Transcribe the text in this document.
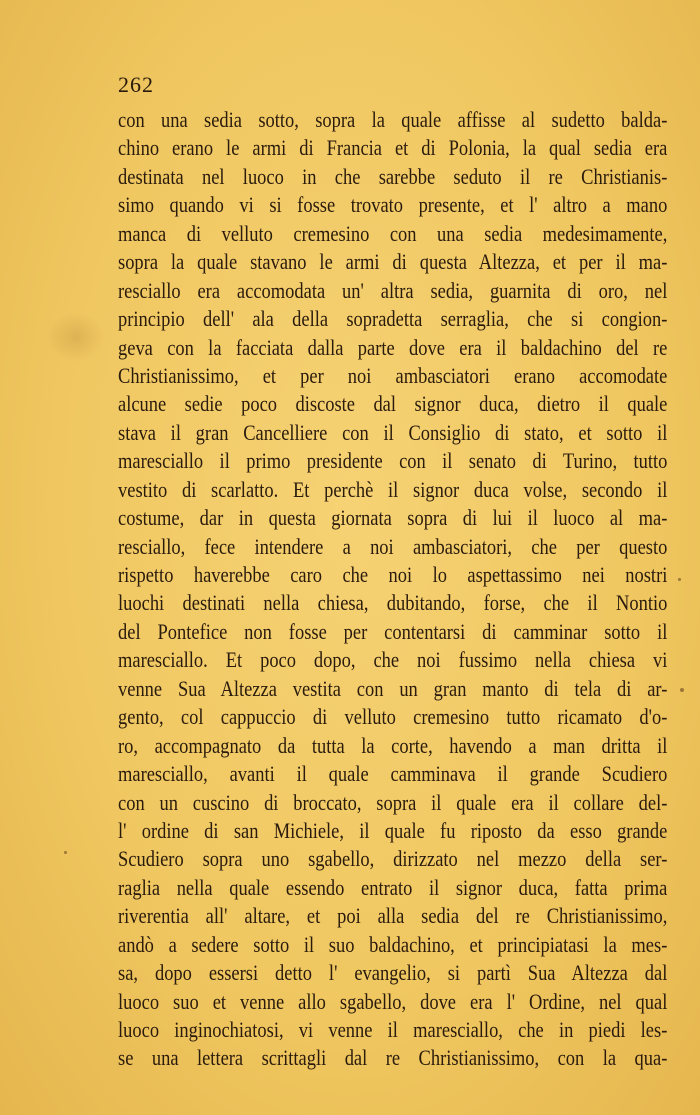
262
con una sedia sotto, sopra la quale affisse al sudetto balda-
chino erano le armi di Francia et di Polonia, la qual sedia era
destinata nel luoco in che sarebbe seduto il re Christianis-
simo quando vi si fosse trovato presente, et l' altro a mano
manca di velluto cremesino con una sedia medesimamente,
sopra la quale stavano le armi di questa Altezza, et per il ma-
resciallo era accomodata un' altra sedia, guarnita di oro, nel
principio dell' ala della sopradetta serraglia, che si congion-
geva con la facciata dalla parte dove era il baldachino del re
Christianissimo, et per noi ambasciatori erano accomodate
alcune sedie poco discoste dal signor duca, dietro il quale
stava il gran Cancelliere con il Consiglio di stato, et sotto il
maresciallo il primo presidente con il senato di Turino, tutto
vestito di scarlatto. Et perchè il signor duca volse, secondo il
costume, dar in questa giornata sopra di lui il luoco al ma-
resciallo, fece intendere a noi ambasciatori, che per questo
rispetto haverebbe caro che noi lo aspettassimo nei nostri
luochi destinati nella chiesa, dubitando, forse, che il Nontio
del Pontefice non fosse per contentarsi di camminar sotto il
maresciallo. Et poco dopo, che noi fussimo nella chiesa vi
venne Sua Altezza vestita con un gran manto di tela di ar-
gento, col cappuccio di velluto cremesino tutto ricamato d'o-
ro, accompagnato da tutta la corte, havendo a man dritta il
maresciallo, avanti il quale camminava il grande Scudiero
con un cuscino di broccato, sopra il quale era il collare del-
l' ordine di san Michiele, il quale fu riposto da esso grande
Scudiero sopra uno sgabello, dirizzato nel mezzo della ser-
raglia nella quale essendo entrato il signor duca, fatta prima
riverentia all' altare, et poi alla sedia del re Christianissimo,
andò a sedere sotto il suo baldachino, et principiatasi la mes-
sa, dopo essersi detto l' evangelio, si partì Sua Altezza dal
luoco suo et venne allo sgabello, dove era l' Ordine, nel qual
luoco inginochiatosi, vi venne il maresciallo, che in piedi les-
se una lettera scrittagli dal re Christianissimo, con la qua-
